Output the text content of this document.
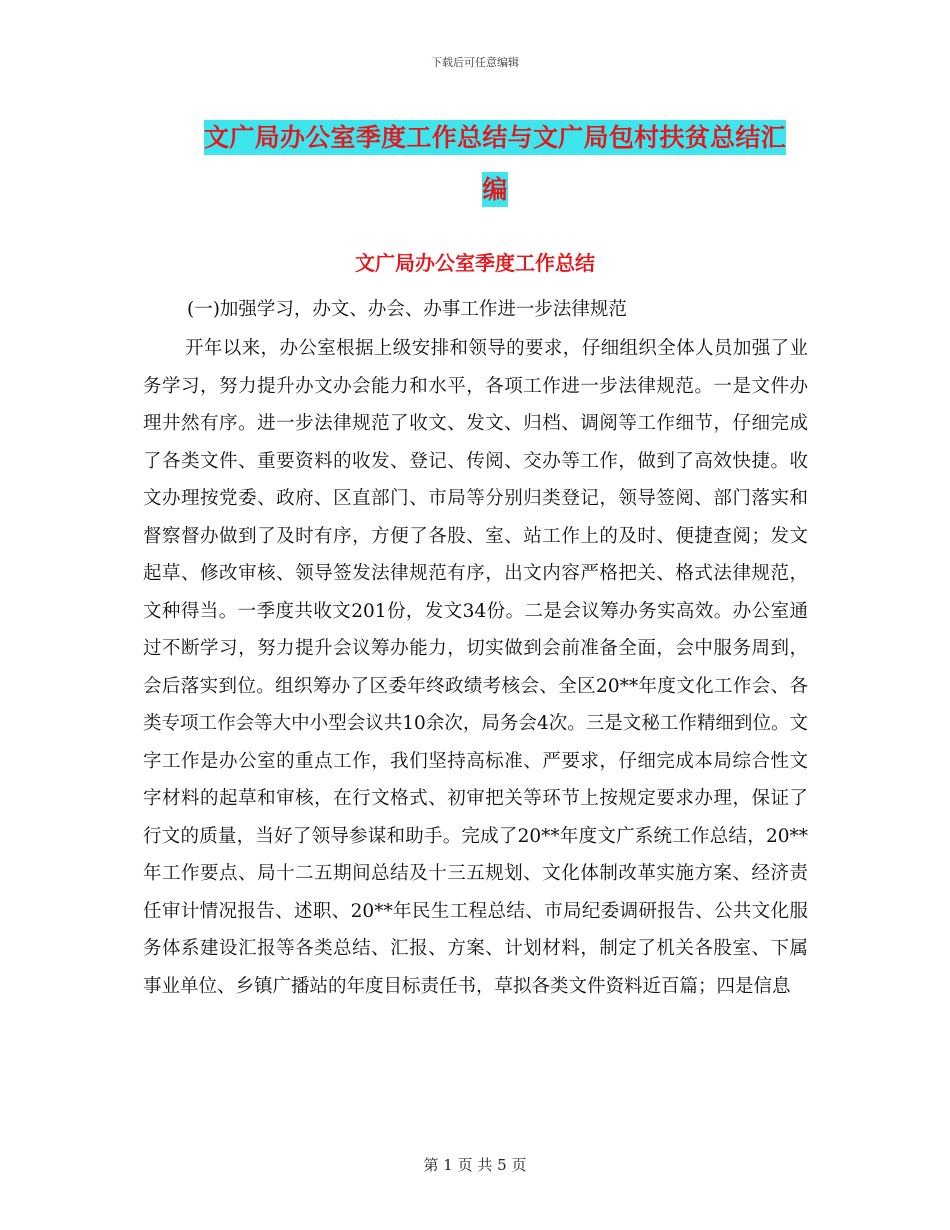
下载后可任意编辑
文广局办公室季度工作总结与文广局包村扶贫总结汇
编
文广局办公室季度工作总结
(一)加强学习，办文、办会、办事工作进一步法律规范

开年以来，办公室根据上级安排和领导的要求，仔细组织全体人员加强了业务学习，努力提升办文办会能力和水平，各项工作进一步法律规范。一是文件办理井然有序。进一步法律规范了收文、发文、归档、调阅等工作细节，仔细完成了各类文件、重要资料的收发、登记、传阅、交办等工作，做到了高效快捷。收文办理按党委、政府、区直部门、市局等分别归类登记，领导签阅、部门落实和督察督办做到了及时有序，方便了各股、室、站工作上的及时、便捷查阅；发文起草、修改审核、领导签发法律规范有序，出文内容严格把关、格式法律规范，文种得当。一季度共收文201份，发文34份。二是会议筹办务实高效。办公室通过不断学习，努力提升会议筹办能力，切实做到会前准备全面，会中服务周到，会后落实到位。组织筹办了区委年终政绩考核会、全区20**年度文化工作会、各类专项工作会等大中小型会议共10余次，局务会4次。三是文秘工作精细到位。文字工作是办公室的重点工作，我们坚持高标准、严要求，仔细完成本局综合性文字材料的起草和审核，在行文格式、初审把关等环节上按规定要求办理，保证了行文的质量，当好了领导参谋和助手。完成了20**年度文广系统工作总结，20**年工作要点、局十二五期间总结及十三五规划、文化体制改革实施方案、经济责任审计情况报告、述职、20**年民生工程总结、市局纪委调研报告、公共文化服务体系建设汇报等各类总结、汇报、方案、计划材料，制定了机关各股室、下属事业单位、乡镇广播站的年度目标责任书，草拟各类文件资料近百篇；四是信息

第 1 页 共 5 页
